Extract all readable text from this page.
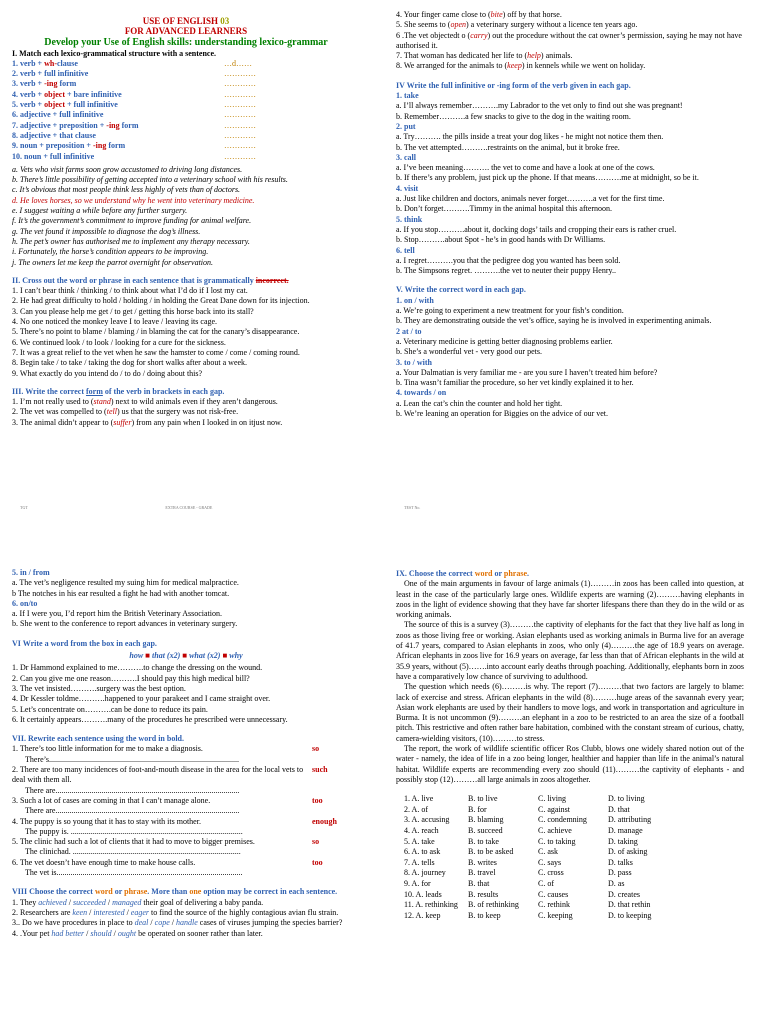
USE OF ENGLISH 03
FOR ADVANCED LEARNERS
Develop your Use of English skills: understanding lexico-grammar
I. Match each lexico-grammatical structure with a sentence.
1. verb + wh-clause	…d……
2. verb + full infinitive	…………
3. verb + -ing form	…………
4. verb + object + bare infinitive	…………
5. verb + object + full infinitive	…………
6. adjective + full infinitive	…………
7. adjective + preposition + -ing form	…………
8. adjective + that clause	…………
9. noun + preposition + -ing form	…………
10. noun + full infinitive	…………
a. Vets who visit farms soon grow accustomed to driving long distances.
b. There’s little possibility of getting accepted into a veterinary school with his results.
c. It’s obvious that most people think less highly of vets than of doctors.
d. He loves horses, so we understand why he went into veterinary medicine.
e. I suggest waiting a while before any further surgery.
f. It’s the government’s commitment to improve funding for animal welfare.
g. The vet found it impossible to diagnose the dog’s illness.
h. The pet’s owner has authorised me to implement any therapy necessary.
i. Fortunately, the horse’s condition appears to be improving.
j. The owners let me keep the parrot overnight for observation.
II. Cross out the word or phrase in each sentence that is grammatically incorrect.
1. I can’t bear think / thinking / to think about what I’d do if I lost my cat.
2. He had great difficulty to hold / holding / in holding the Great Dane down for its injection.
3. Can you please help me get / to get / getting this horse back into its stall?
4. No one noticed the monkey leave I to leave / leaving its cage.
5. There’s no point to blame / blaming / in blaming the cat for the canary’s disappearance.
6. We continued look / to look / looking for a cure for the sickness.
7. It was a great relief to the vet when he saw the hamster to come / come / coming round.
8. Begin take / to take / taking the dog for short walks after about a week.
9. What exactly do you intend do / to do / doing about this?
III. Write the correct form of the verb in brackets in each gap.
1. I’m not really used to (stand) next to wild animals even if they aren’t dangerous.
2. The vet was compelled to (tell) us that the surgery was not risk-free.
3. The animal didn’t appear to (suffer) from any pain when I looked in on itjust now.
TGT	EXTRA COURSE - GRADE
4. Your finger came close to (bite) off by that horse.
5. She seems to (open) a veterinary surgery without a licence ten years ago.
6 .The vet objectedt o (carry) out the procedure without the cat owner’s permission, saying he may not have authorised it.
7. That woman has dedicated her life to (help) animals.
8. We arranged for the animals to (keep) in kennels while we went on holiday.
IV Write the full infinitive or -ing form of the verb given in each gap.
1. take
a. I’ll always remember……….my Labrador to the vet only to find out she was pregnant!
b. Remember……….a few snacks to give to the dog in the waiting room.
2. put
a. Try………. the pills inside a treat your dog likes - he might not notice them then.
b. The vet attempted……….restraints on the animal, but it broke free.
3. call
a. I’ve been meaning………. the vet to come and have a look at one of the cows.
b. If there’s any problem, just pick up the phone. If that means……….me at midnight, so be it.
4. visit
a. Just like children and doctors, animals never forget……….a vet for the first time.
b. Don’t forget……….Timmy in the animal hospital this afternoon.
5. think
a. If you stop……….about it, docking dogs’ tails and cropping their ears is rather cruel.
b. Stop……….about Spot - he’s in good hands with Dr Williams.
6. tell
a. I regret……….you that the pedigree dog you wanted has been sold.
b. The Simpsons regret. ……….the vet to neuter their puppy Henry..
V. Write the correct word in each gap.
1. on / with
a. We’re going to experiment a new treatment for your fish’s condition.
b. They are demonstrating outside the vet’s office, saying he is involved in experimenting animals.
2 at / to
a. Veterinary medicine is getting better diagnosing problems earlier.
b. She’s a wonderful vet - very good our pets.
3. to / with
a. Your Dalmatian is very familiar me - are you sure I haven’t treated him before?
b. Tina wasn’t familiar the procedure, so her vet kindly explained it to her.
4. towards / on
a. Lean the cat’s chin the counter and hold her tight.
b. We’re leaning an operation for Biggies on the advice of our vet.
TEST No.
5. in / from
a. The vet’s negligence resulted my suing him for medical malpractice.
b The notches in his ear resulted a fight he had with another tomcat.
6. on/to
a. If I were you, I’d report him the British Veterinary Association.
b. She went to the conference to report advances in veterinary surgery.
VI Write a word from the box in each gap.
how ■ that (x2) ■ what (x2) ■ why
1. Dr Hammond explained to me……….to change the dressing on the wound.
2. Can you give me one reason……….I should pay this high medical bill?
3. The vet insisted……….surgery was the best option.
4. Dr Kessler toldme……….happened to your parakeet and I came straight over.
5. Let’s concentrate on……….can be done to reduce its pain.
6. It certainly appears……….many of the procedures he prescribed were unnecessary.
VII. Rewrite each sentence using the word in bold.
so
1. There’s too little information for me to make a diagnosis.
There’s...............................................................................................
such
2. There are too many incidences of foot-and-mouth disease in the area for the local vets to deal with them all.
There are............................................................................................
too
3. Such a lot of cases are coming in that I can’t manage alone.
There are............................................................................................
enough
4. The puppy is so young that it has to stay with its mother.
The puppy is. ......................................................................................
so
5. The clinic had such a lot of clients that it had to move to bigger premises.
The clinichad. ....................................................................................
too
6. The vet doesn’t have enough time to make house calls.
The vet is.............................................................................................
VIII Choose the correct word or phrase. More than one option may be correct in each sentence.
1. They achieved / succeeded / managed their goal of delivering a baby panda.
2. Researchers are keen / interested / eager to find the source of the highly contagious avian flu strain.
3.. Do we have procedures in place to deal / cope / handle cases of viruses jumping the species barrier?
4. .Your pet had better / should / ought be operated on sooner rather than later.
IX. Choose the correct word or phrase.

One of the main arguments in favour of large animals (1)………in zoos has been called into question, at least in the case of the particularly large ones. Wildlife experts are warning (2)………having elephants in zoos in the light of evidence showing that they have far shorter lifespans there than they do in the wild or as working animals.

The source of this is a survey (3)………the captivity of elephants for the fact that they live half as long in zoos as those living free or working. Asian elephants used as working animals in Burma live for an average of 41.7 years, compared to Asian elephants in zoos, who only (4)………the age of 18.9 years on average. African elephants in zoos live for 16.9 years on average, far less than that of African elephants in the wild at 35.9 years, without (5)…….into account early deaths through poaching. Additionally, elephants born in zoos have a comparatively low chance of surviving to adulthood.

The question which needs (6)………is why. The report (7)………that two factors are largely to blame: lack of exercise and stress. African elephants in the wild (8)………huge areas of the savannah every year; Asian work elephants are used by their handlers to move logs, and work in transportation and agriculture in Burma. It is not uncommon (9)………an elephant in a zoo to be restricted to an area the size of a football pitch. This restrictive and often rather bare habitation, combined with the constant stream of curious, chatty, camera-wielding visitors, (10)………to stress.

The report, the work of wildlife scientific officer Ros Clubb, blows one widely shared notion out of the water - namely, the idea of life in a zoo being longer, healthier and happier than life in the animal’s natural habitat. Wildlife experts are recommending every zoo should (11)………the captivity of elephants - and possibly stop (12)………all large animals in zoos altogether.

1. A. live	B. to live	C. living	D. to living
2. A. of	B. for	C. against	D. that
3. A. accusing	B. blaming	C. condemning	D. attributing
4. A. reach	B. succeed	C. achieve	D. manage
5. A. take	B. to take	C. to taking	D. taking
6. A. to ask	B. to be asked	C. ask	D. of asking
7. A. tells	B. writes	C. says	D. talks
8. A. journey	B. travel	C. cross	D. pass
9. A. for	B. that	C. of	D. as
10. A. leads	B. results	C. causes	D. creates
11. A. rethinking	B. of rethinking	C. rethink	D. that rethin
12. A. keep	B. to keep	C. keeping	D. to keeping
